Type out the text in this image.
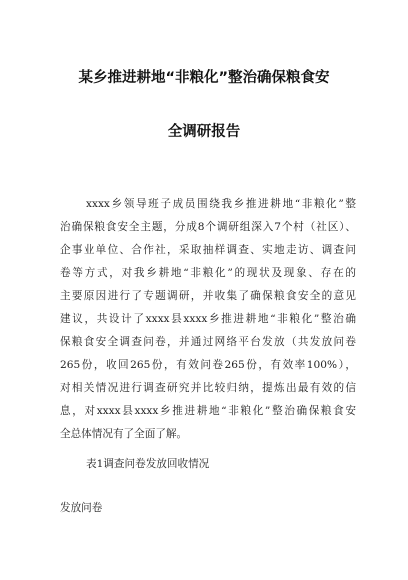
某乡推进耕地“非粮化”整治确保粮食安
全调研报告
xxxx乡领导班子成员围绕我乡推进耕地“非粮化”整
治确保粮食安全主题，分成8个调研组深入7个村（社区）、
企事业单位、合作社，采取抽样调查、实地走访、调查问
卷等方式，对我乡耕地“非粮化”的现状及现象、存在的
主要原因进行了专题调研，并收集了确保粮食安全的意见
建议，共设计了xxxx县xxxx乡推进耕地“非粮化”整治确
保粮食安全调查问卷，并通过网络平台发放（共发放问卷
265份，收回265份，有效问卷265份，有效率100%），
对相关情况进行调查研究并比较归纳，提炼出最有效的信
息，对xxxx县xxxx乡推进耕地“非粮化”整治确保粮食安
全总体情况有了全面了解。
表1调查问卷发放回收情况
发放问卷
